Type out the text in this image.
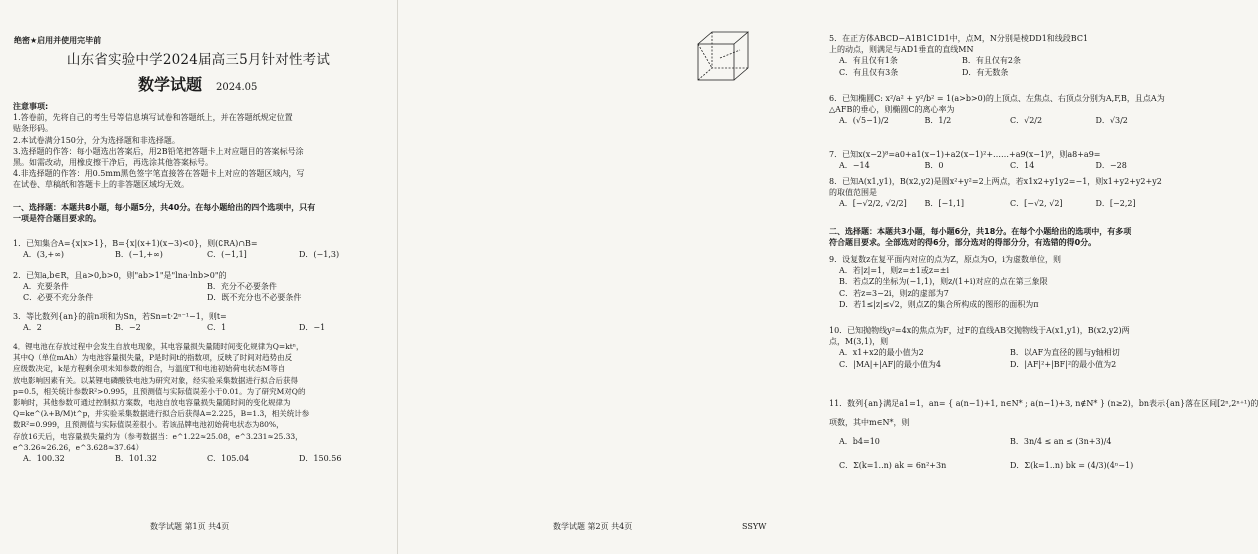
绝密★启用并使用完毕前
山东省实验中学2024届高三5月针对性考试
数学试题 2024.05
注意事项:
1.答卷前，先将自己的考生号等信息填写试卷和答题纸上，并在答题纸规定位置
贴条形码。
2.本试卷满分150分，分为选择题和非选择题。
3.选择题的作答：每小题选出答案后，用2B铅笔把答题卡上对应题目的答案标号涂
黑。如需改动，用橡皮擦干净后，再选涂其他答案标号。
4.非选择题的作答：用0.5mm黑色签字笔直接答在答题卡上对应的答题区域内，写
在试卷、草稿纸和答题卡上的非答题区域均无效。
一、选择题：本题共8小题，每小题5分，共40分。在每小题给出的四个选项中，只有
一项是符合题目要求的。
1．已知集合A={x|x>1}，B={x|(x+1)(x−3)<0}，则(∁RA)∩B=
A．(3,+∞)	B．(−1,+∞)	C．(−1,1]	D．(−1,3)
2．已知a,b∈R，且a>0,b>0，则"ab>1"是"lna·lnb>0"的
A．充要条件	B．充分不必要条件
C．必要不充分条件	D．既不充分也不必要条件
3．等比数列{an}的前n项和为Sn，若Sn=t·2ⁿ⁻¹−1，则t=
A．2	B．−2	C．1	D．−1
4．锂电池在存放过程中会发生自放电现象，其电容量损失量随时间变化规律为Q=ktⁿ，
其中Q（单位mAh）为电池容量损失量，P是时间t的指数项，反映了时间对趋势由反
应级数决定，k是方程剩余项未知参数的组合，与温度T和电池初始荷电状态M等自
放电影响因素有关。以某锂电磷酸铁电池为研究对象，经实验采集数据进行拟合后获得
p=0.5，相关统计参数R²>0.995，且预测值与实际值误差小于0.01。为了研究M对Q的
影响时，其他参数可通过控制拟方案数，电池自放电容量损失量随时间的变化规律为
Q=ke^(λ+B/M)t^p，并实验采集数据进行拟合后获得A=2.225，B=1.3，相关统计参
数R²=0.999，且预测值与实际值误差很小。若该品牌电池初始荷电状态为80%，
存放16天后，电容量损失量约为（参考数据当：e^1.22≈25.08，e^3.231≈25.33，
e^3.26≈26.26，e^3.628≈37.64）
A．100.32	B．101.32	C．105.04	D．150.56
数学试题 第1页 共4页
5．在正方体ABCD−A1B1C1D1中，点M，N分别是棱DD1和线段BC1
上的动点，则满足与AD1垂直的直线MN
A．有且仅有1条	B．有且仅有2条
C．有且仅有3条	D．有无数条
6．已知椭圆C: x²/a² + y²/b² = 1(a>b>0)的上顶点、左焦点、右顶点分别为A,F,B，且点A为
△AFB的垂心，则椭圆C的离心率为
A．(√5−1)/2	B．1/2	C．√2/2	D．√3/2
7．已知x(x−2)⁸=a0+a1(x−1)+a2(x−1)²+……+a9(x−1)⁹，则a8+a9=
A．−14	B．0	C．14	D．−28
8．已知A(x1,y1)，B(x2,y2)是圆x²+y²=2上两点，若x1x2+y1y2=−1，则x1+y2+y2+y2
的取值范围是
A．[−√2/2, √2/2]	B．[−1,1]	C．[−√2, √2]	D．[−2,2]
二、选择题：本题共3小题，每小题6分，共18分。在每个小题给出的选项中，有多项
符合题目要求。全部选对的得6分，部分选对的得部分分，有选错的得0分。
9．设复数z在复平面内对应的点为Z，原点为O，i为虚数单位，则
A．若|z|=1，则z=±1或z=±i
B．若点Z的坐标为(−1,1)，则z/(1+i)对应的点在第三象限
C．若z=3−2i，则z的虚部为7
D．若1≤|z|≤√2，则点Z的集合所构成的图形的面积为π
10．已知抛物线y²=4x的焦点为F，过F的直线AB交抛物线于A(x1,y1)，B(x2,y2)两
点，M(3,1)，则
A．x1+x2的最小值为2	B．以AF为直径的圆与y轴相切
C．|MA|+|AF|的最小值为4	D．|AF|²+|BF|²的最小值为2
11．数列{an}满足a1=1，an= { a(n−1)+1, n∈N* ; a(n−1)+3, n∉N* } (n≥2)，bn表示{an}落在区间[2ⁿ,2ⁿ⁺¹)的
项数，其中m∈N*，则
A．b4=10	B．3n/4 ≤ an ≤ (3n+3)/4
C．Σ(k=1..n) ak = 6n²+3n	D．Σ(k=1..n) bk = (4/3)(4ⁿ−1)
数学试题 第2页 共4页	SSYW
